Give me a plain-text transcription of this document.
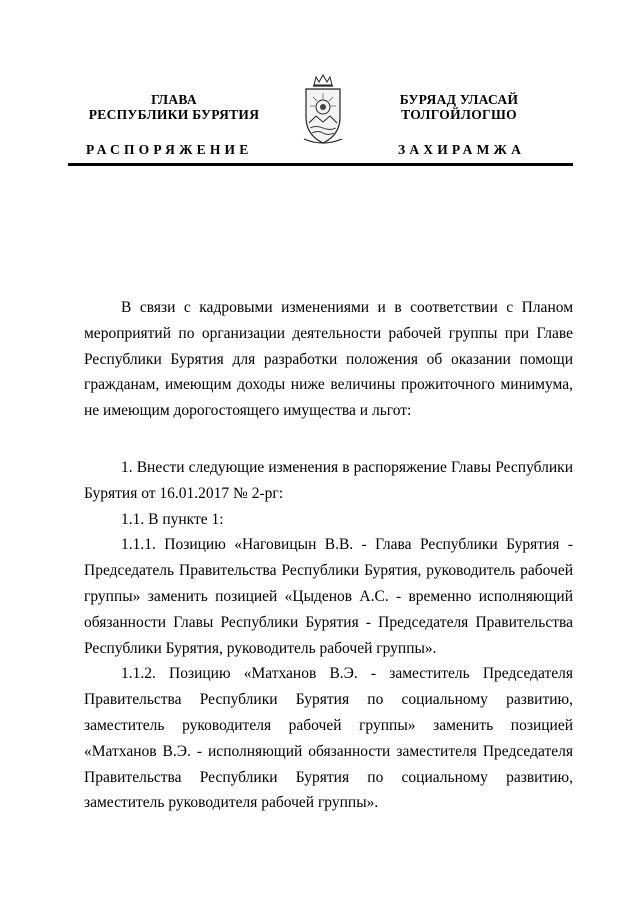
ГЛАВА
РЕСПУБЛИКИ БУРЯТИЯ
РАСПОРЯЖЕНИЕ
БУРЯАД УЛАСАЙ
ТОЛГОЙЛОГШО
ЗАХИРАМЖА

В связи с кадровыми изменениями и в соответствии с Планом мероприятий по организации деятельности рабочей группы при Главе Республики Бурятия для разработки положения об оказании помощи гражданам, имеющим доходы ниже величины прожиточного минимума, не имеющим дорогостоящего имущества и льгот:

1. Внести следующие изменения в распоряжение Главы Республики Бурятия от 16.01.2017 № 2-рг:

1.1. В пункте 1:

1.1.1. Позицию «Наговицын В.В. - Глава Республики Бурятия - Председатель Правительства Республики Бурятия, руководитель рабочей группы» заменить позицией «Цыденов А.С. - временно исполняющий обязанности Главы Республики Бурятия - Председателя Правительства Республики Бурятия, руководитель рабочей группы».

1.1.2. Позицию «Матханов В.Э. - заместитель Председателя Правительства Республики Бурятия по социальному развитию, заместитель руководителя рабочей группы» заменить позицией «Матханов В.Э. - исполняющий обязанности заместителя Председателя Правительства Республики Бурятия по социальному развитию, заместитель руководителя рабочей группы».
